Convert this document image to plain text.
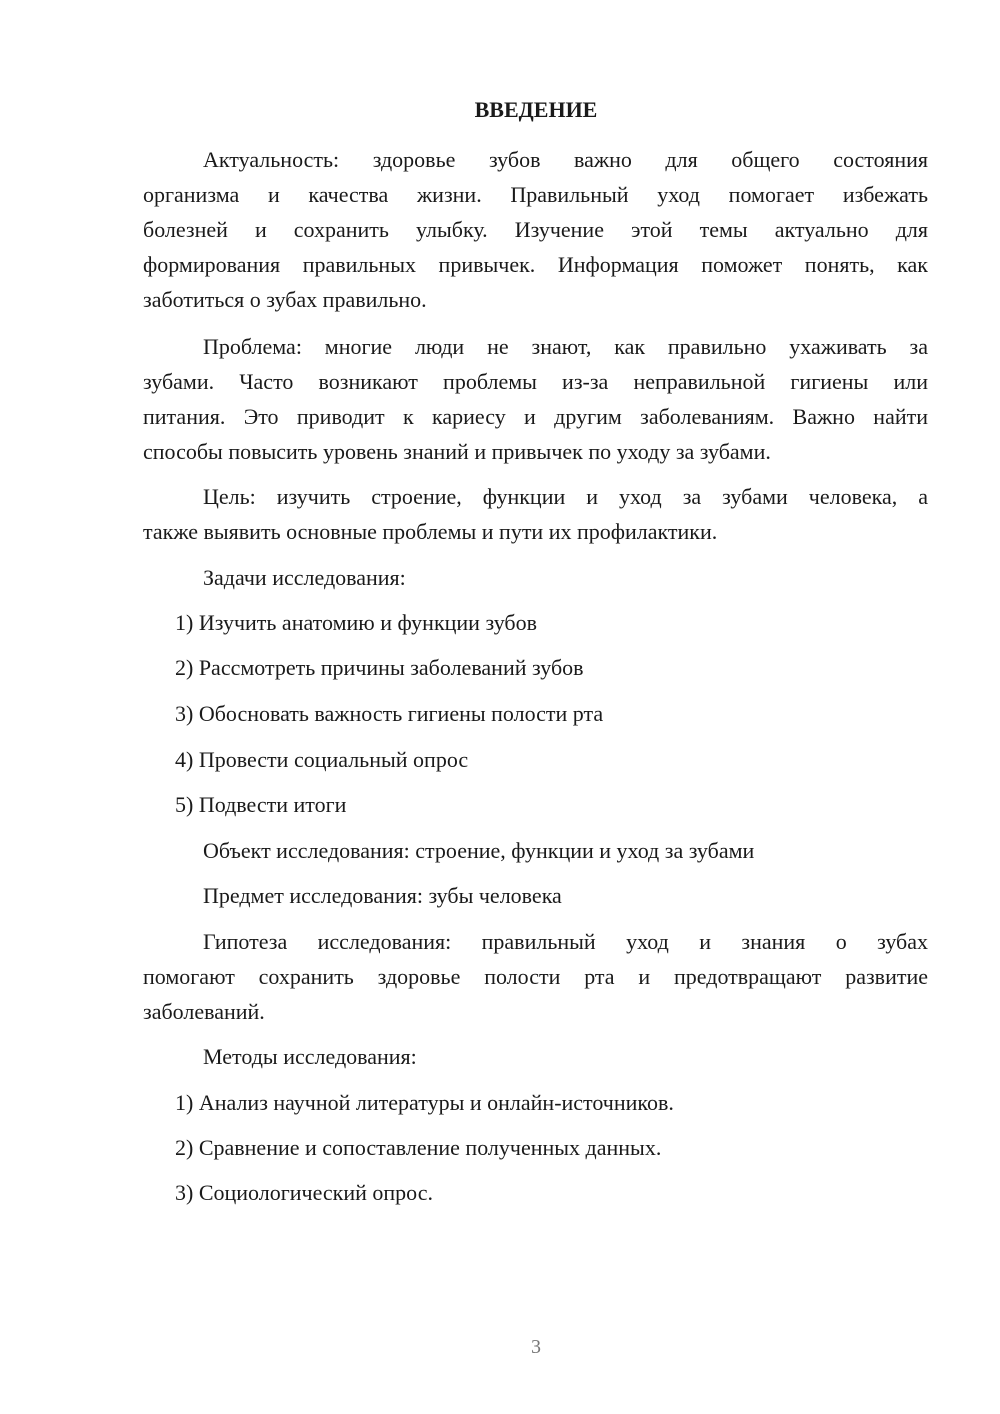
ВВЕДЕНИЕ
Актуальность: здоровье зубов важно для общего состояния
организма и качества жизни. Правильный уход помогает избежать
болезней и сохранить улыбку. Изучение этой темы актуально для
формирования правильных привычек. Информация поможет понять, как
заботиться о зубах правильно.
Проблема: многие люди не знают, как правильно ухаживать за
зубами. Часто возникают проблемы из-за неправильной гигиены или
питания. Это приводит к кариесу и другим заболеваниям. Важно найти
способы повысить уровень знаний и привычек по уходу за зубами.
Цель: изучить строение, функции и уход за зубами человека, а
также выявить основные проблемы и пути их профилактики.
Задачи исследования:
1) Изучить анатомию и функции зубов
2) Рассмотреть причины заболеваний зубов
3) Обосновать важность гигиены полости рта
4) Провести социальный опрос
5) Подвести итоги
Объект исследования: строение, функции и уход за зубами
Предмет исследования: зубы человека
Гипотеза исследования: правильный уход и знания о зубах
помогают сохранить здоровье полости рта и предотвращают развитие
заболеваний.
Методы исследования:
1) Анализ научной литературы и онлайн-источников.
2) Сравнение и сопоставление полученных данных.
3) Социологический опрос.
3
